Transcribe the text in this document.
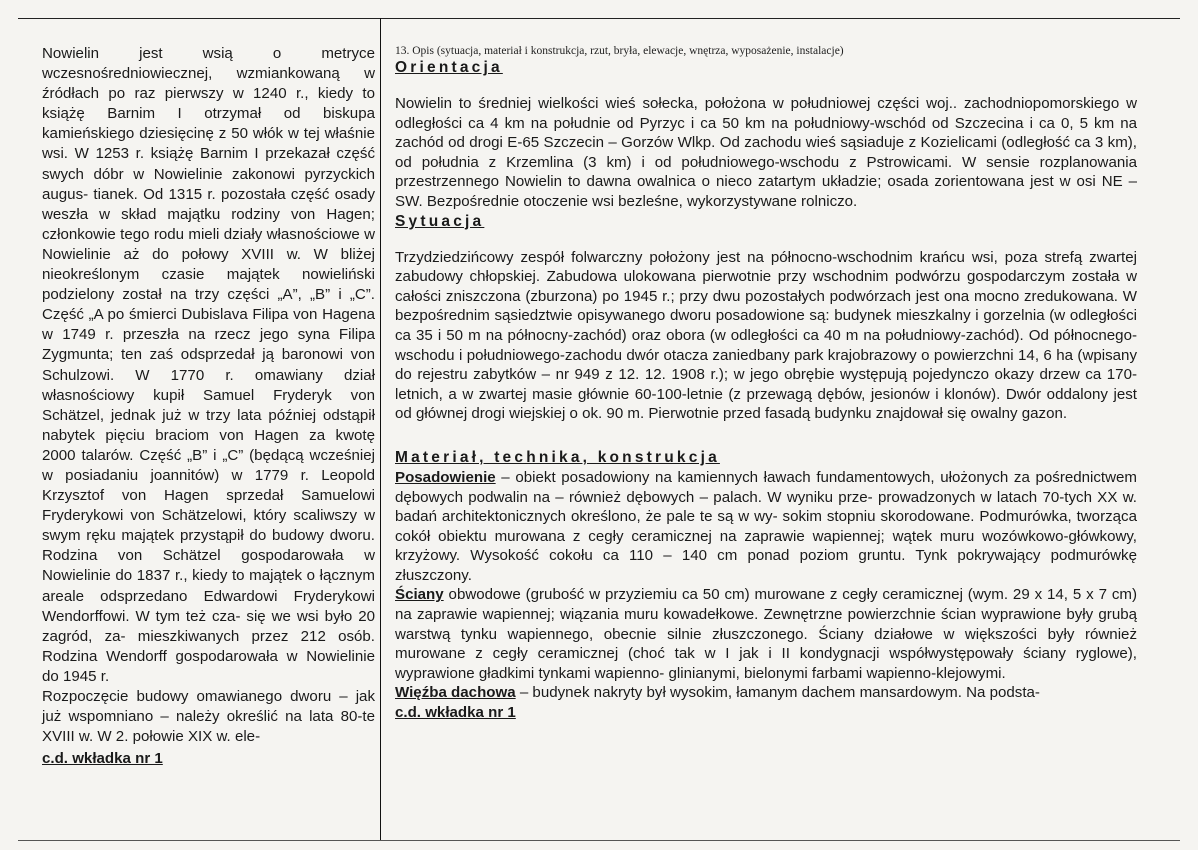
Nowielin jest wsią o metryce wczesnośredniowiecznej, wzmiankowaną w źródłach po raz pierwszy w 1240 r., kiedy to książę Barnim I otrzymał od biskupa kamieńskiego dziesięcinę z 50 włók w tej właśnie wsi. W 1253 r. książę Barnim I przekazał część swych dóbr w Nowielinie zakonowi pyrzyckich augus- tianek. Od 1315 r. pozostała część osady weszła w skład majątku rodziny von Hagen; członkowie tego rodu mieli działy własnościowe w Nowielinie aż do połowy XVIII w. W bliżej nieokreślonym czasie majątek nowieliński podzielony został na trzy części „A”, „B” i „C”. Część „A po śmierci Dubislava Filipa von Hagena w 1749 r. przeszła na rzecz jego syna Filipa Zygmunta; ten zaś odsprzedał ją baronowi von Schulzowi. W 1770 r. omawiany dział własnościowy kupił Samuel Fryderyk von Schätzel, jednak już w trzy lata później odstąpił nabytek pięciu braciom von Hagen za kwotę 2000 talarów. Część „B” i „C” (będącą wcześniej w posiadaniu joannitów) w 1779 r. Leopold Krzysztof von Hagen sprzedał Samuelowi Fryderykowi von Schätzelowi, który scaliwszy w swym ręku majątek przystąpił do budowy dworu. Rodzina von Schätzel gospodarowała w Nowielinie do 1837 r., kiedy to majątek o łącznym areale odsprzedano Edwardowi Fryderykowi Wendorffowi. W tym też cza- się we wsi było 20 zagród, za- mieszkiwanych przez 212 osób. Rodzina Wendorff gospodarowała w Nowielinie do 1945 r.

Rozpoczęcie budowy omawianego dworu – jak już wspomniano – należy określić na lata 80-te XVIII w. W 2. połowie XIX w. ele-

c.d. wkładka nr 1

13. Opis (sytuacja, materiał i konstrukcja, rzut, bryła, elewacje, wnętrza, wyposażenie, instalacje)

Orientacja

Nowielin to średniej wielkości wieś sołecka, położona w południowej części woj.. zachodniopomorskiego w odległości ca 4 km na południe od Pyrzyc i ca 50 km na południowy-wschód od Szczecina i ca 0, 5 km na zachód od drogi E-65 Szczecin – Gorzów Wlkp. Od zachodu wieś sąsiaduje z Kozielicami (odległość ca 3 km), od południa z Krzemlina (3 km) i od południowego-wschodu z Pstrowicami. W sensie rozplanowania przestrzennego Nowielin to dawna owalnica o nieco zatartym układzie; osada zorientowana jest w osi NE – SW. Bezpośrednie otoczenie wsi bezleśne, wykorzystywane rolniczo.

Sytuacja

Trzydziedzińcowy zespół folwarczny położony jest na północno-wschodnim krańcu wsi, poza strefą zwartej zabudowy chłopskiej. Zabudowa ulokowana pierwotnie przy wschodnim podwórzu gospodarczym została w całości zniszczona (zburzona) po 1945 r.; przy dwu pozostałych podwórzach jest ona mocno zredukowana. W bezpośrednim sąsiedztwie opisywanego dworu posadowione są: budynek mieszkalny i gorzelnia (w odległości ca 35 i 50 m na północny-zachód) oraz obora (w odległości ca 40 m na południowy-zachód). Od północnego-wschodu i południowego-zachodu dwór otacza zaniedbany park krajobrazowy o powierzchni 14, 6 ha (wpisany do rejestru zabytków – nr 949 z 12. 12. 1908 r.); w jego obrębie występują pojedynczo okazy drzew ca 170-letnich, a w zwartej masie głównie 60-100-letnie (z przewagą dębów, jesionów i klonów). Dwór oddalony jest od głównej drogi wiejskiej o ok. 90 m. Pierwotnie przed fasadą budynku znajdował się owalny gazon.

Materiał, technika, konstrukcja

Posadowienie – obiekt posadowiony na kamiennych ławach fundamentowych, ułożonych za pośrednictwem dębowych podwalin na – również dębowych – palach. W wyniku prze- prowadzonych w latach 70-tych XX w. badań architektonicznych określono, że pale te są w wy- sokim stopniu skorodowane. Podmurówka, tworząca cokół obiektu murowana z cegły ceramicznej na zaprawie wapiennej; wątek muru wozówkowo-główkowy, krzyżowy. Wysokość cokołu ca 110 – 140 cm ponad poziom gruntu. Tynk pokrywający podmurówkę złuszczony.

Ściany obwodowe (grubość w przyziemiu ca 50 cm) murowane z cegły ceramicznej (wym. 29 x 14, 5 x 7 cm) na zaprawie wapiennej; wiązania muru kowadełkowe. Zewnętrzne powierzchnie ścian wyprawione były grubą warstwą tynku wapiennego, obecnie silnie złuszczonego. Ściany działowe w większości były również murowane z cegły ceramicznej (choć tak w I jak i II kondygnacji współwystępowały ściany ryglowe), wyprawione gładkimi tynkami wapienno- glinianymi, bielonymi farbami wapienno-klejowymi.

Więźba dachowa – budynek nakryty był wysokim, łamanym dachem mansardowym. Na podsta-

c.d. wkładka nr 1
